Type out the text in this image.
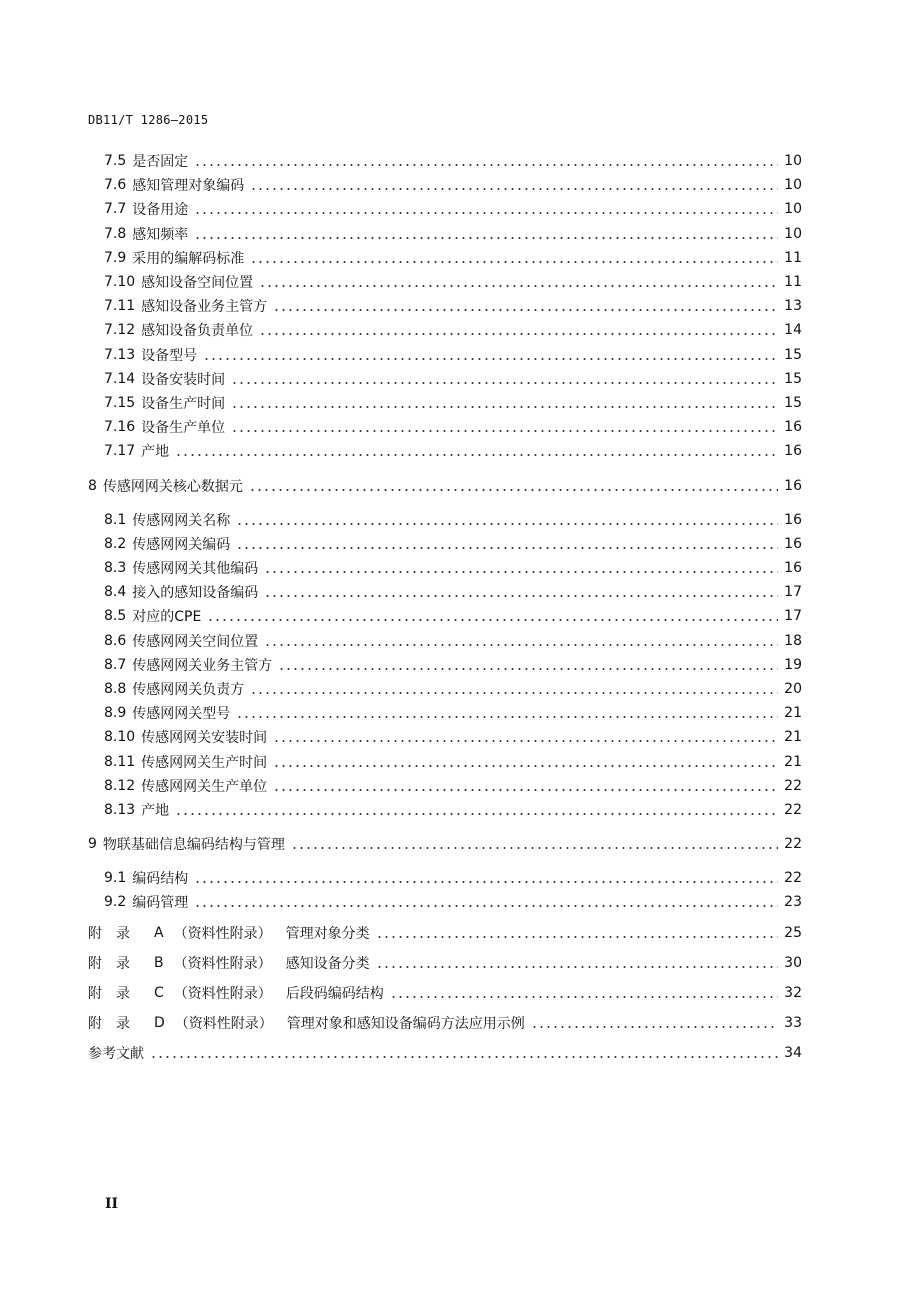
DB11/T 1286—2015
7.5 是否固定	10
7.6 感知管理对象编码	10
7.7 设备用途	10
7.8 感知频率	10
7.9 采用的编解码标准	11
7.10 感知设备空间位置	11
7.11 感知设备业务主管方	13
7.12 感知设备负责单位	14
7.13 设备型号	15
7.14 设备安装时间	15
7.15 设备生产时间	15
7.16 设备生产单位	16
7.17 产地	16
8 传感网网关核心数据元	16
8.1 传感网网关名称	16
8.2 传感网网关编码	16
8.3 传感网网关其他编码	16
8.4 接入的感知设备编码	17
8.5 对应的CPE	17
8.6 传感网网关空间位置	18
8.7 传感网网关业务主管方	19
8.8 传感网网关负责方	20
8.9 传感网网关型号	21
8.10 传感网网关安装时间	21
8.11 传感网网关生产时间	21
8.12 传感网网关生产单位	22
8.13 产地	22
9 物联基础信息编码结构与管理	22
9.1 编码结构	22
9.2 编码管理	23
附　录 A （资料性附录） 管理对象分类	25
附　录 B （资料性附录） 感知设备分类	30
附　录 C （资料性附录） 后段码编码结构	32
附　录 D （资料性附录） 管理对象和感知设备编码方法应用示例	33
参考文献	34
II
